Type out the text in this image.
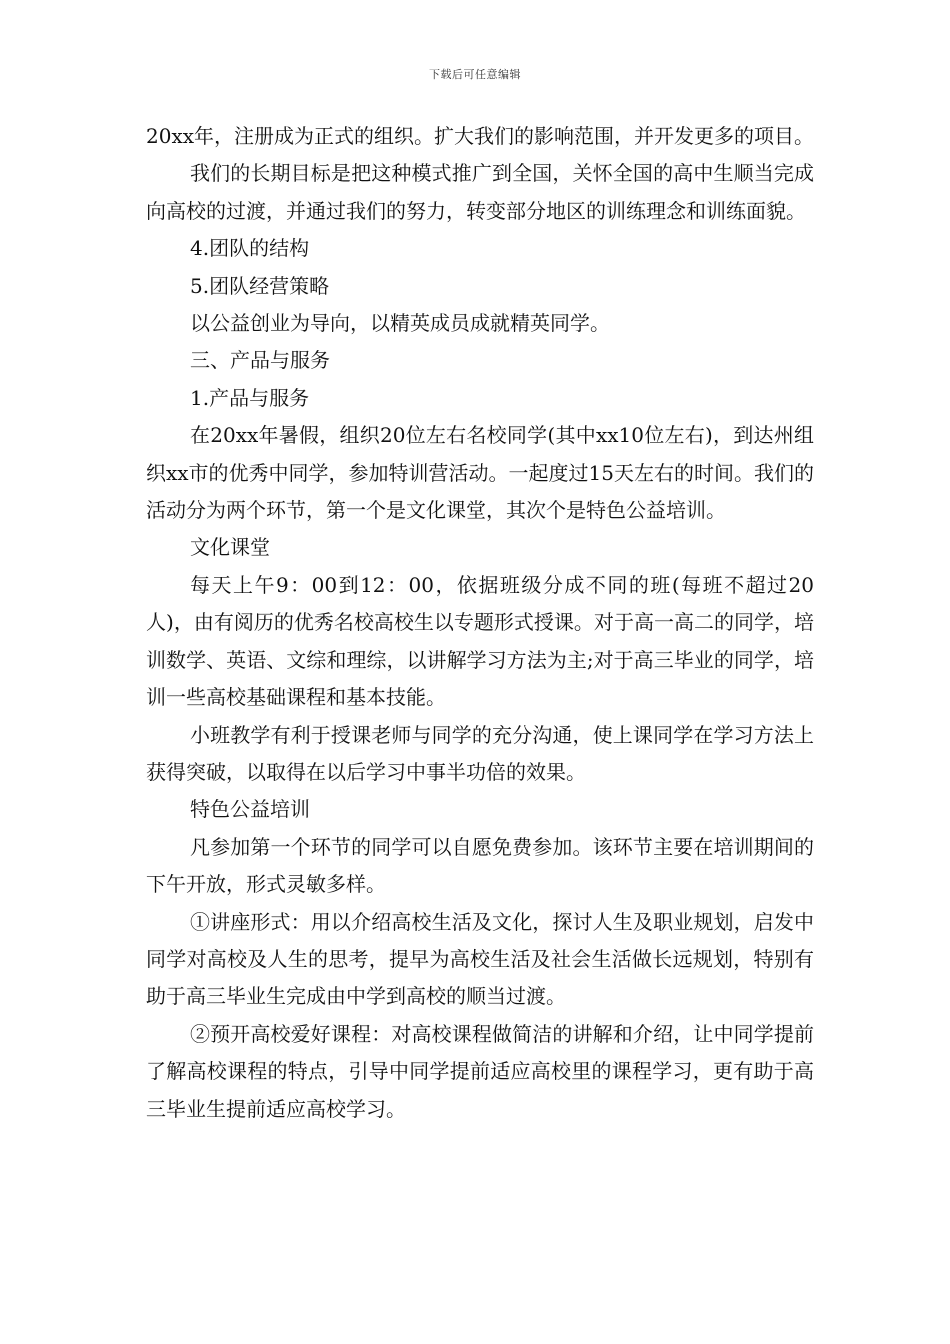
下载后可任意编辑

20xx年，注册成为正式的组织。扩大我们的影响范围，并开发更多的项目。

我们的长期目标是把这种模式推广到全国，关怀全国的高中生顺当完成向高校的过渡，并通过我们的努力，转变部分地区的训练理念和训练面貌。

4.团队的结构

5.团队经营策略

以公益创业为导向，以精英成员成就精英同学。

三、产品与服务

1.产品与服务

在20xx年暑假，组织20位左右名校同学(其中xx10位左右)，到达州组织xx市的优秀中同学，参加特训营活动。一起度过15天左右的时间。我们的活动分为两个环节，第一个是文化课堂，其次个是特色公益培训。

文化课堂

每天上午9：00到12：00，依据班级分成不同的班(每班不超过20人)，由有阅历的优秀名校高校生以专题形式授课。对于高一高二的同学，培训数学、英语、文综和理综，以讲解学习方法为主;对于高三毕业的同学，培训一些高校基础课程和基本技能。

小班教学有利于授课老师与同学的充分沟通，使上课同学在学习方法上获得突破，以取得在以后学习中事半功倍的效果。

特色公益培训

凡参加第一个环节的同学可以自愿免费参加。该环节主要在培训期间的下午开放，形式灵敏多样。

①讲座形式：用以介绍高校生活及文化，探讨人生及职业规划，启发中同学对高校及人生的思考，提早为高校生活及社会生活做长远规划，特别有助于高三毕业生完成由中学到高校的顺当过渡。

②预开高校爱好课程：对高校课程做简洁的讲解和介绍，让中同学提前了解高校课程的特点，引导中同学提前适应高校里的课程学习，更有助于高三毕业生提前适应高校学习。
